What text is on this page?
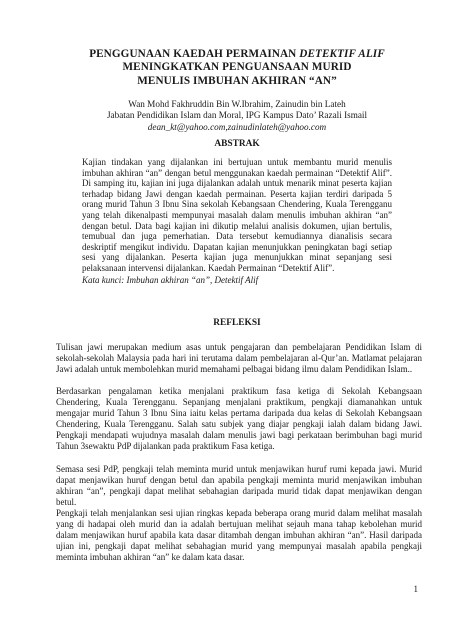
PENGGUNAAN KAEDAH PERMAINAN DETEKTIF ALIF
MENINGKATKAN PENGUANSAAN MURID
MENULIS IMBUHAN AKHIRAN “AN”
Wan Mohd Fakhruddin Bin W.Ibrahim, Zainudin bin Lateh
Jabatan Pendidikan Islam dan Moral, IPG Kampus Dato’ Razali Ismail
dean_kt@yahoo.com,zainudinlateh@yahoo.com
ABSTRAK
Kajian tindakan yang dijalankan ini bertujuan untuk membantu murid menulis imbuhan akhiran “an” dengan betul menggunakan kaedah permainan “Detektif Alif”. Di samping itu, kajian ini juga dijalankan adalah untuk menarik minat peserta kajian terhadap bidang Jawi dengan kaedah permainan. Peserta kajian terdiri daripada 5 orang murid Tahun 3 Ibnu Sina sekolah Kebangsaan Chendering, Kuala Terengganu yang telah dikenalpasti mempunyai masalah dalam menulis imbuhan akhiran “an” dengan betul. Data bagi kajian ini dikutip melalui analisis dokumen, ujian bertulis, temubual dan juga pemerhatian. Data tersebut kemudiannya dianalisis secara deskriptif mengikut individu. Dapatan kajian menunjukkan peningkatan bagi setiap sesi yang dijalankan. Peserta kajian juga menunjukkan minat sepanjang sesi pelaksanaan intervensi dijalankan. Kaedah Permainan “Detektif Alif”.
Kata kunci: Imbuhan akhiran “an”, Detektif Alif
REFLEKSI
Tulisan jawi merupakan medium asas untuk pengajaran dan pembelajaran Pendidikan Islam di sekolah-sekolah Malaysia pada hari ini terutama dalam pembelajaran al-Qur’an. Matlamat pelajaran Jawi adalah untuk membolehkan murid memahami pelbagai bidang ilmu dalam Pendidikan Islam..
Berdasarkan pengalaman ketika menjalani praktikum fasa ketiga di Sekolah Kebangsaan Chendering, Kuala Terengganu. Sepanjang menjalani praktikum, pengkaji diamanahkan untuk mengajar murid Tahun 3 Ibnu Sina iaitu kelas pertama daripada dua kelas di Sekolah Kebangsaan Chendering, Kuala Terengganu. Salah satu subjek yang diajar pengkaji ialah dalam bidang Jawi. Pengkaji mendapati wujudnya masalah dalam menulis jawi bagi perkataan berimbuhan bagi murid Tahun 3sewaktu PdP dijalankan pada praktikum Fasa ketiga.
Semasa sesi PdP, pengkaji telah meminta murid untuk menjawikan huruf rumi kepada jawi. Murid dapat menjawikan huruf dengan betul dan apabila pengkaji meminta murid menjawikan imbuhan akhiran “an”, pengkaji dapat melihat sebahagian daripada murid tidak dapat menjawikan dengan betul.
Pengkaji telah menjalankan sesi ujian ringkas kepada beberapa orang murid dalam melihat masalah yang di hadapai oleh murid dan ia adalah bertujuan melihat sejauh mana tahap kebolehan murid dalam menjawikan huruf apabila kata dasar ditambah dengan imbuhan akhiran “an”. Hasil daripada ujian ini, pengkaji dapat melihat sebahagian murid yang mempunyai masalah apabila pengkaji meminta imbuhan akhiran “an” ke dalam kata dasar.
1
